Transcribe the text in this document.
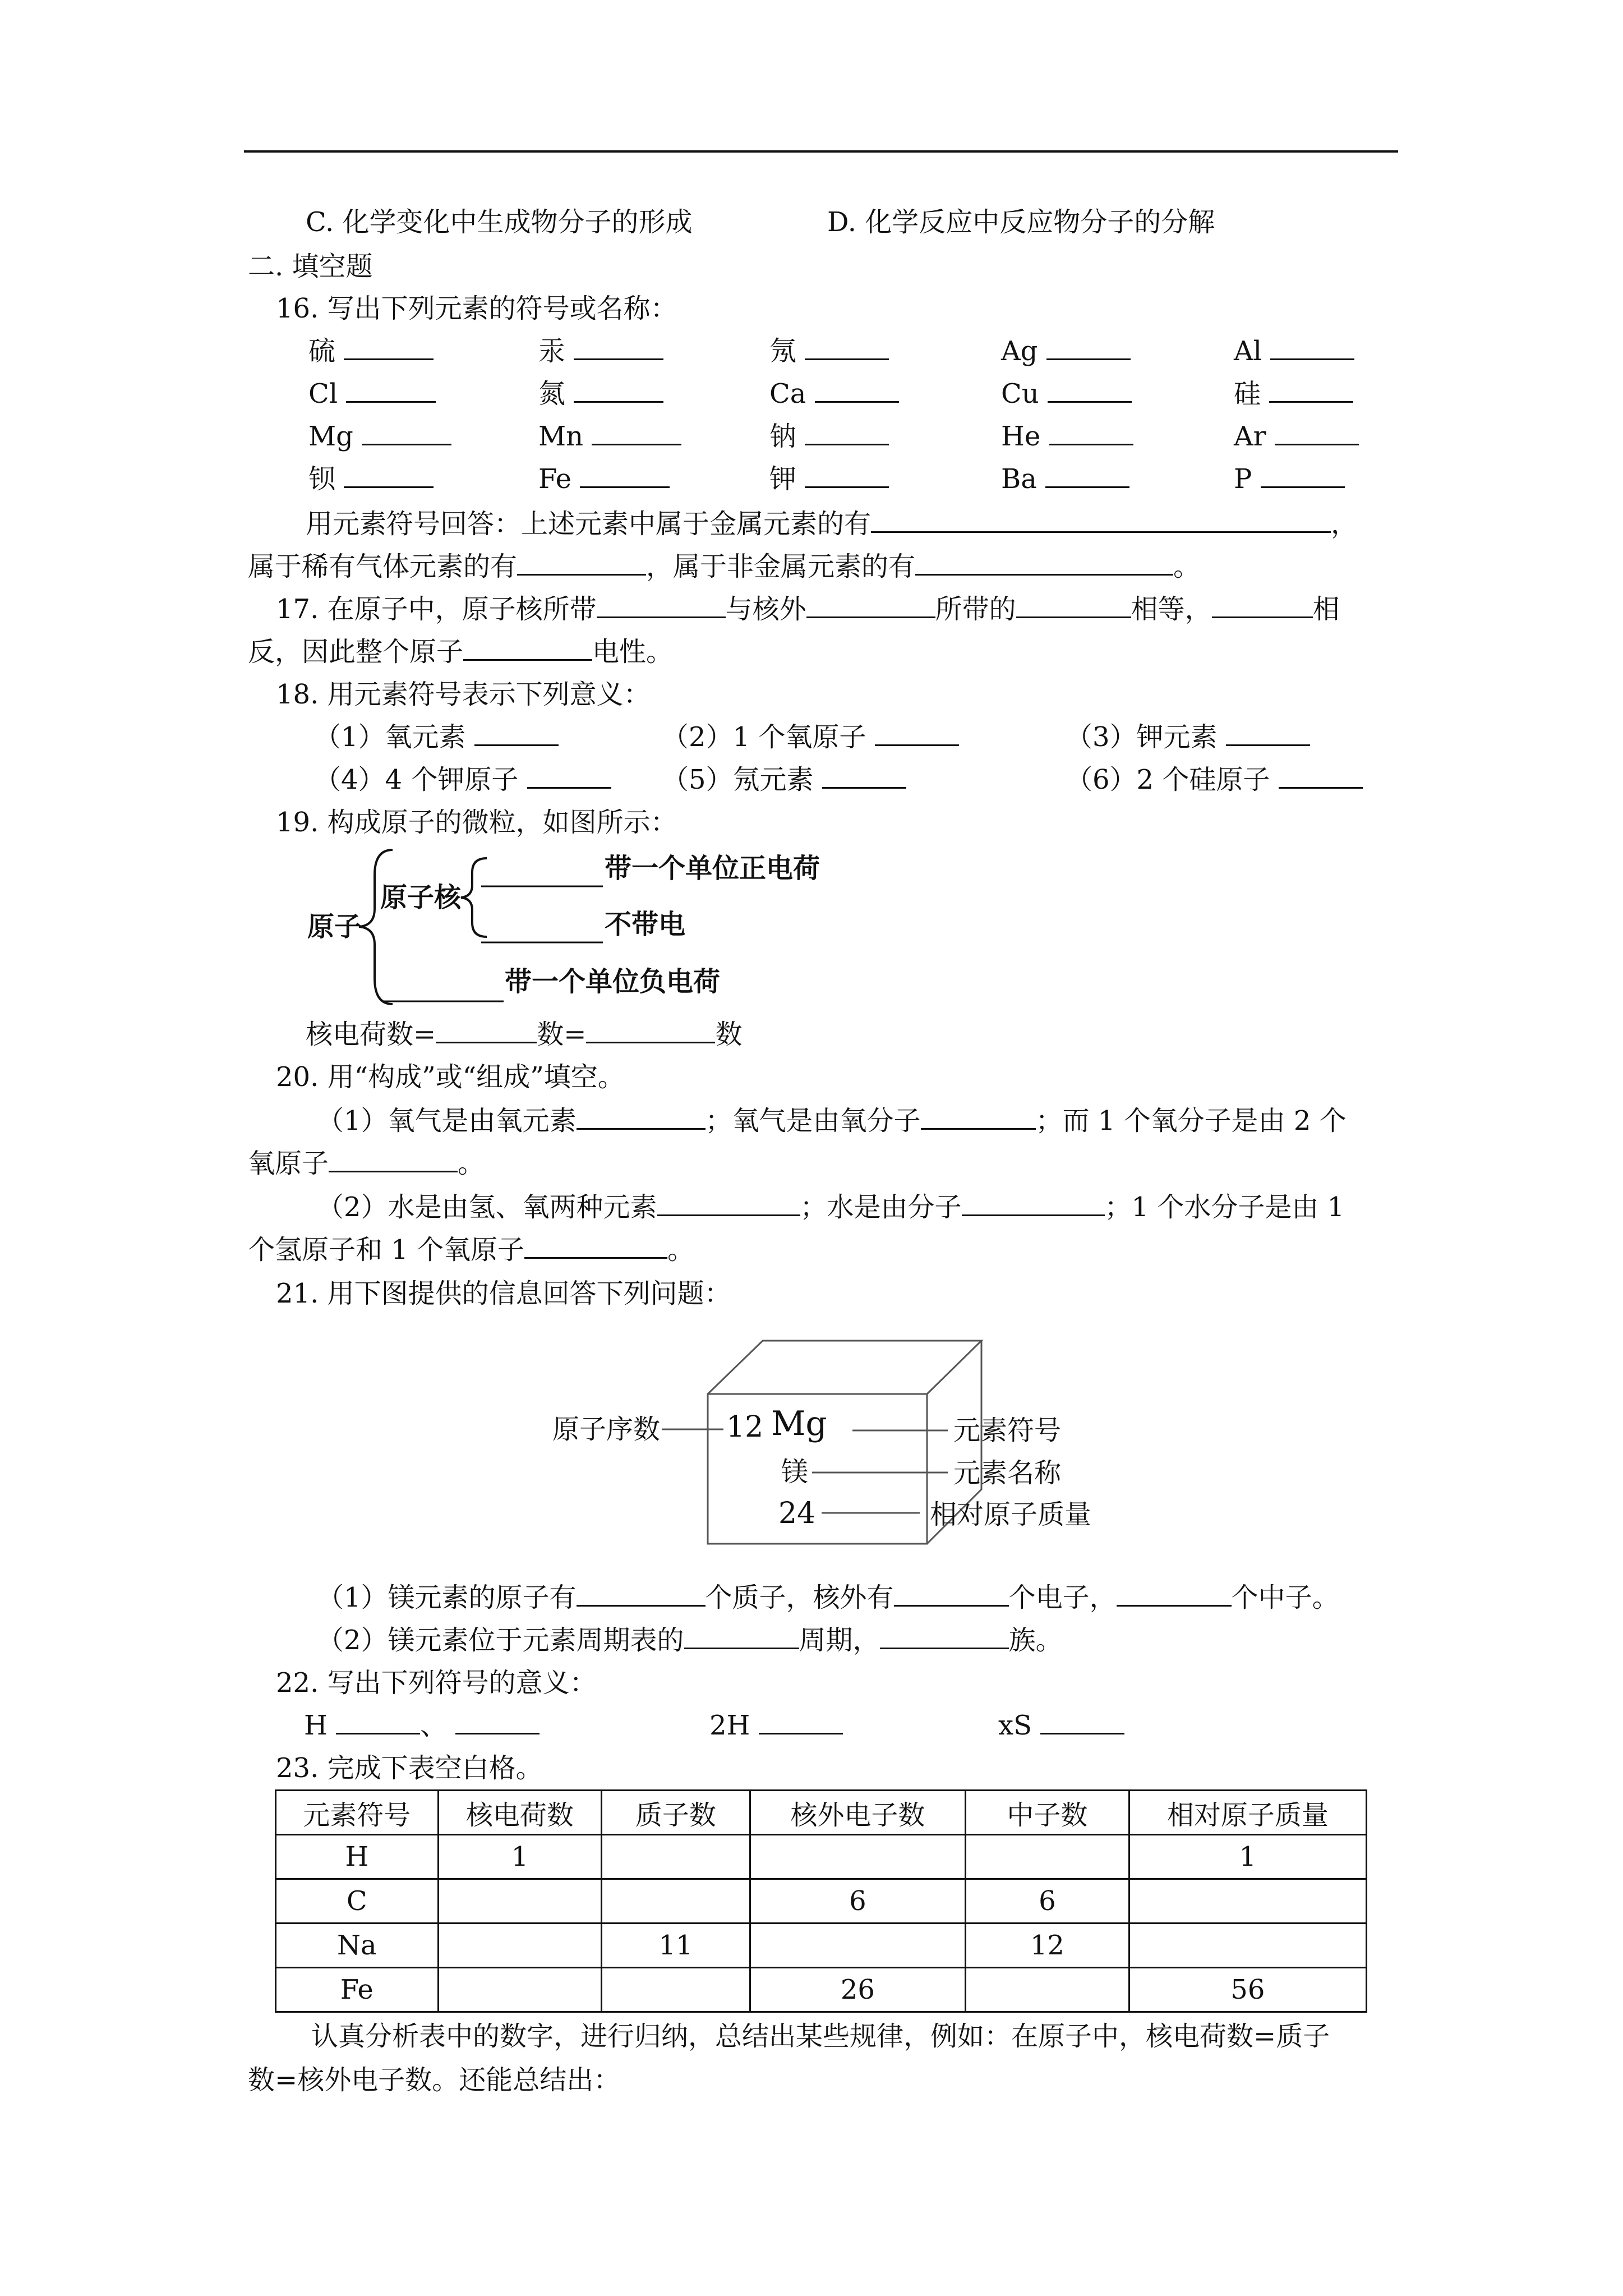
C. 化学变化中生成物分子的形成	D. 化学反应中反应物分子的分解
二. 填空题
16. 写出下列元素的符号或名称：
硫	汞	氖	Ag	Al
Cl	氮	Ca	Cu	硅
Mg	Mn	钠	He	Ar
钡	Fe	钾	Ba	P
用元素符号回答：上述元素中属于金属元素的有	，
属于稀有气体元素的有	，属于非金属元素的有	。
17. 在原子中，原子核所带	与核外	所带的	相等，	相
反，因此整个原子	电性。
18. 用元素符号表示下列意义：
（1）氧元素	（2）1 个氧原子	（3）钾元素
（4）4 个钾原子	（5）氖元素	（6）2 个硅原子
19. 构成原子的微粒，如图所示：
原子
原子核
带一个单位正电荷
不带电
带一个单位负电荷
核电荷数=	数=	数
20. 用“构成”或“组成”填空。
（1）氧气是由氧元素	；氧气是由氧分子	；而 1 个氧分子是由 2 个
氧原子	。
（2）水是由氢、氧两种元素	；水是由分子	；1 个水分子是由 1
个氢原子和 1 个氧原子	。
21. 用下图提供的信息回答下列问题：
原子序数 12 Mg
镁
24
元素符号
元素名称
相对原子质量
（1）镁元素的原子有	个质子，核外有	个电子，	个中子。
（2）镁元素位于元素周期表的	周期，	族。
22. 写出下列符号的意义：
H	、	2H	xS
23. 完成下表空白格。
元素符号	核电荷数	质子数	核外电子数	中子数	相对原子质量
H	1				1
C			6	6	
Na		11		12	
Fe			26		56
认真分析表中的数字，进行归纳，总结出某些规律，例如：在原子中，核电荷数=质子
数=核外电子数。还能总结出：
